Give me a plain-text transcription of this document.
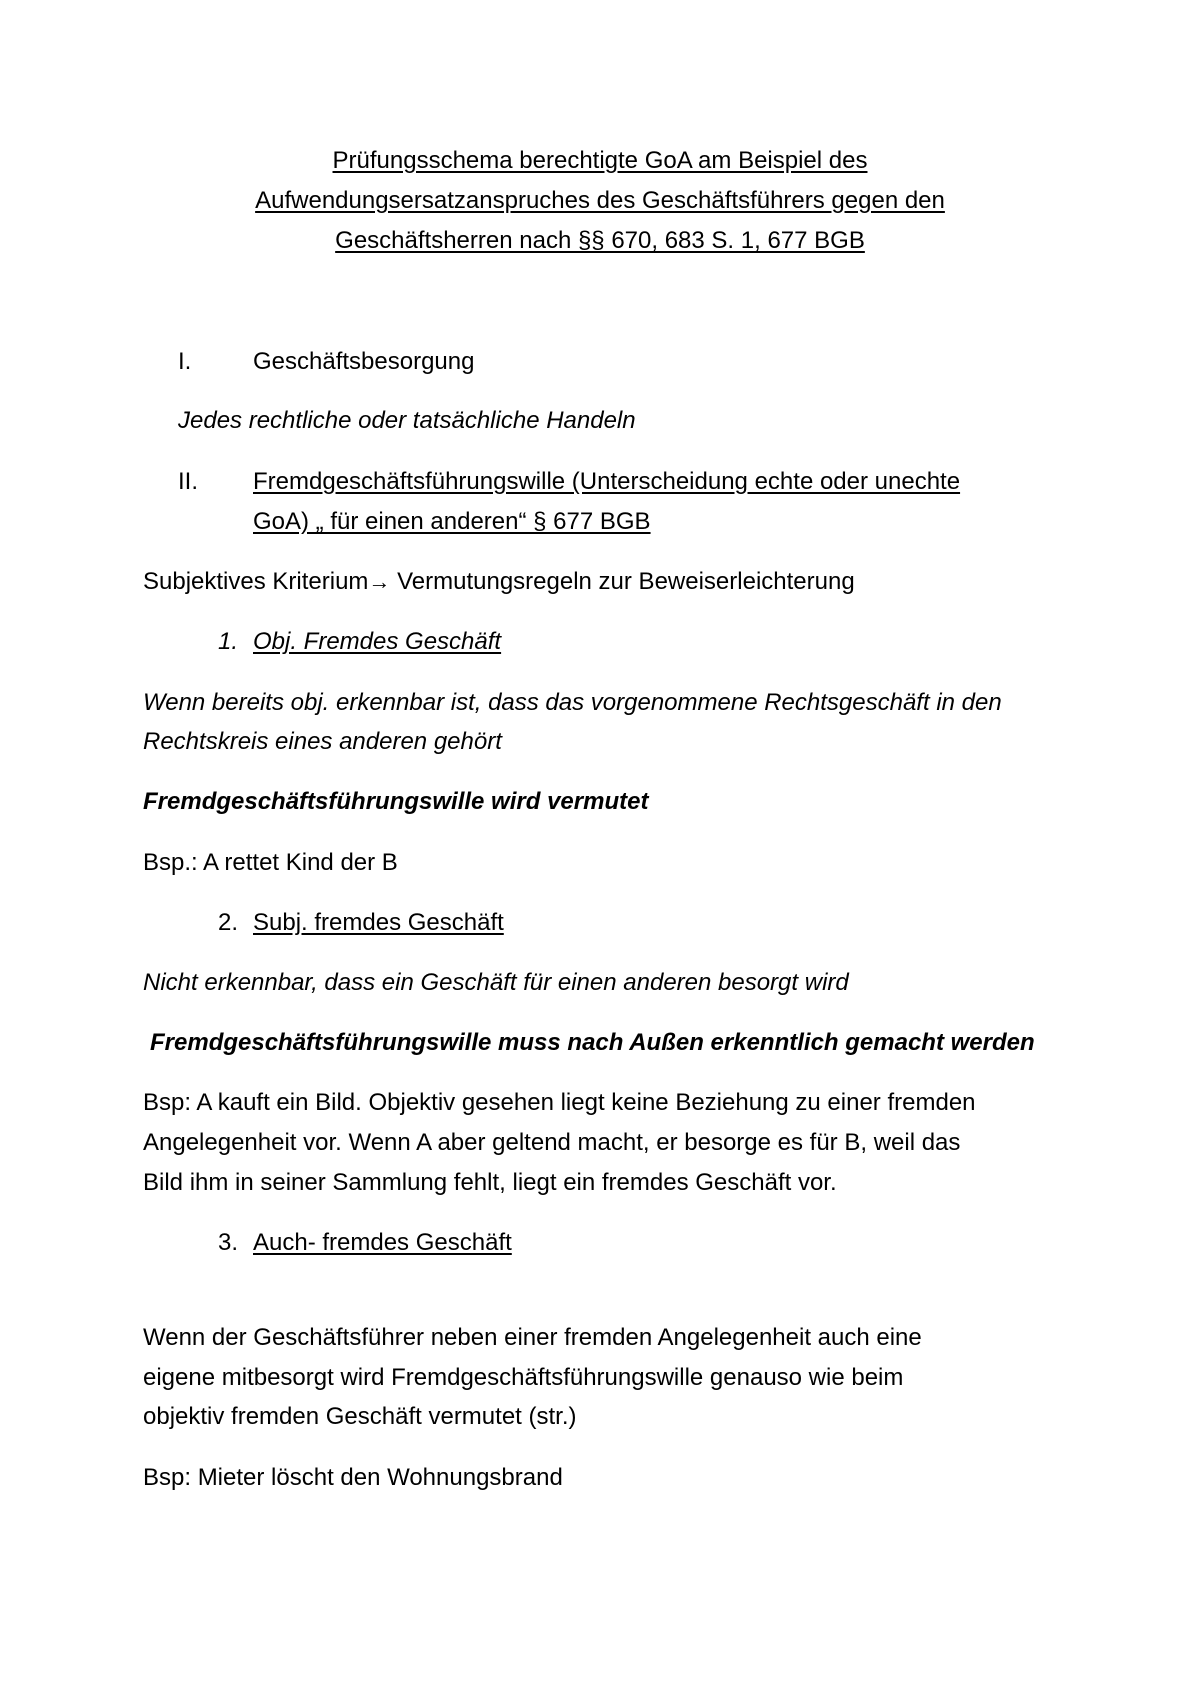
Prüfungsschema berechtigte GoA am Beispiel des
Aufwendungsersatzanspruches des Geschäftsführers gegen den
Geschäftsherren nach §§ 670, 683 S. 1, 677 BGB
I.	Geschäftsbesorgung
Jedes rechtliche oder tatsächliche Handeln
II. Fremdgeschäftsführungswille (Unterscheidung echte oder unechte
GoA) „ für einen anderen“ § 677 BGB
Subjektives Kriterium→ Vermutungsregeln zur Beweiserleichterung
1. Obj. Fremdes Geschäft
Wenn bereits obj. erkennbar ist, dass das vorgenommene Rechtsgeschäft in den
Rechtskreis eines anderen gehört
Fremdgeschäftsführungswille wird vermutet
Bsp.: A rettet Kind der B
2. Subj. fremdes Geschäft
Nicht erkennbar, dass ein Geschäft für einen anderen besorgt wird
Fremdgeschäftsführungswille muss nach Außen erkenntlich gemacht werden
Bsp: A kauft ein Bild. Objektiv gesehen liegt keine Beziehung zu einer fremden
Angelegenheit vor. Wenn A aber geltend macht, er besorge es für B, weil das
Bild ihm in seiner Sammlung fehlt, liegt ein fremdes Geschäft vor.
3. Auch- fremdes Geschäft
Wenn der Geschäftsführer neben einer fremden Angelegenheit auch eine
eigene mitbesorgt wird Fremdgeschäftsführungswille genauso wie beim
objektiv fremden Geschäft vermutet (str.)
Bsp: Mieter löscht den Wohnungsbrand
